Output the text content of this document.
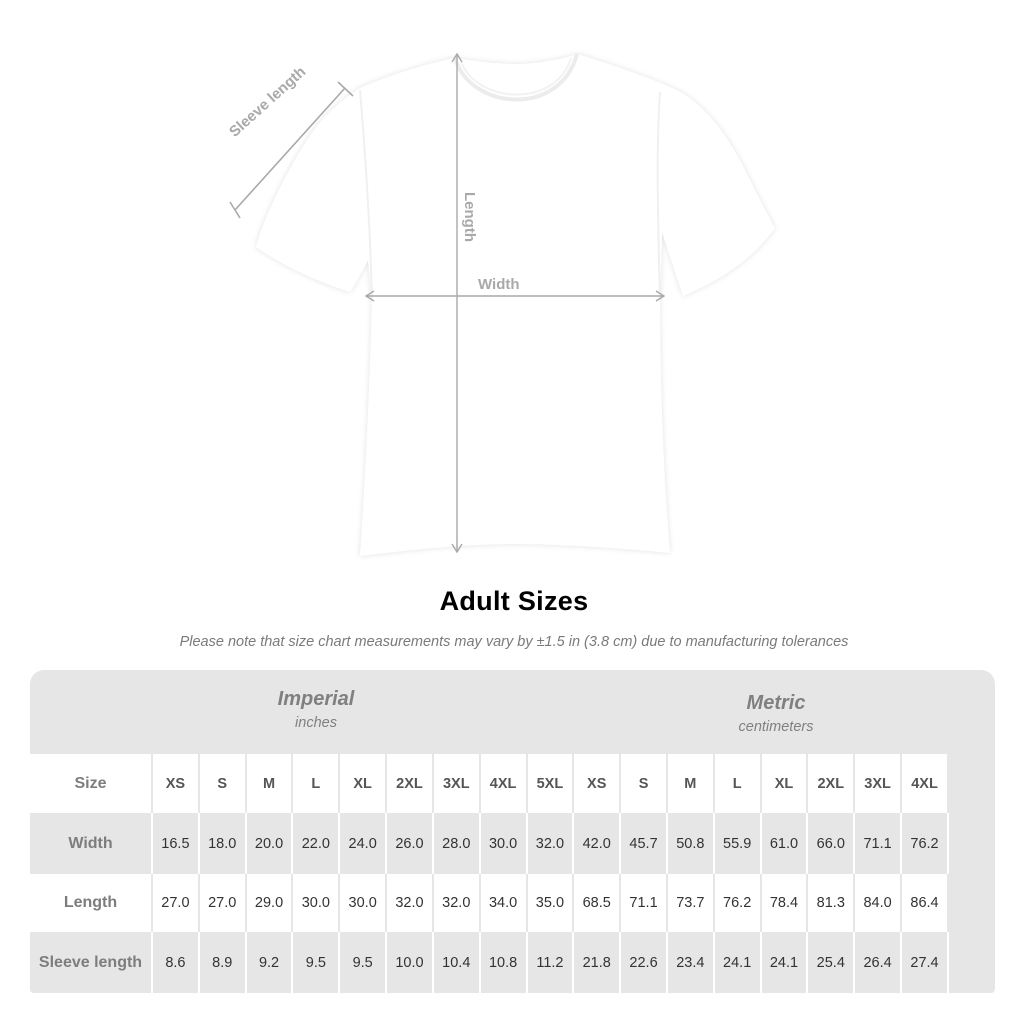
Sleeve length
Length
Width
Adult Sizes
Please note that size chart measurements may vary by ±1.5 in (3.8 cm) due to manufacturing tolerances
Imperial
inches
Metric
centimeters
Size	XS	S	M	L	XL	2XL	3XL	4XL	5XL	XS	S	M	L	XL	2XL	3XL	4XL
Width	16.5	18.0	20.0	22.0	24.0	26.0	28.0	30.0	32.0	42.0	45.7	50.8	55.9	61.0	66.0	71.1	76.2
Length	27.0	27.0	29.0	30.0	30.0	32.0	32.0	34.0	35.0	68.5	71.1	73.7	76.2	78.4	81.3	84.0	86.4
Sleeve length	8.6	8.9	9.2	9.5	9.5	10.0	10.4	10.8	11.2	21.8	22.6	23.4	24.1	24.1	25.4	26.4	27.4
